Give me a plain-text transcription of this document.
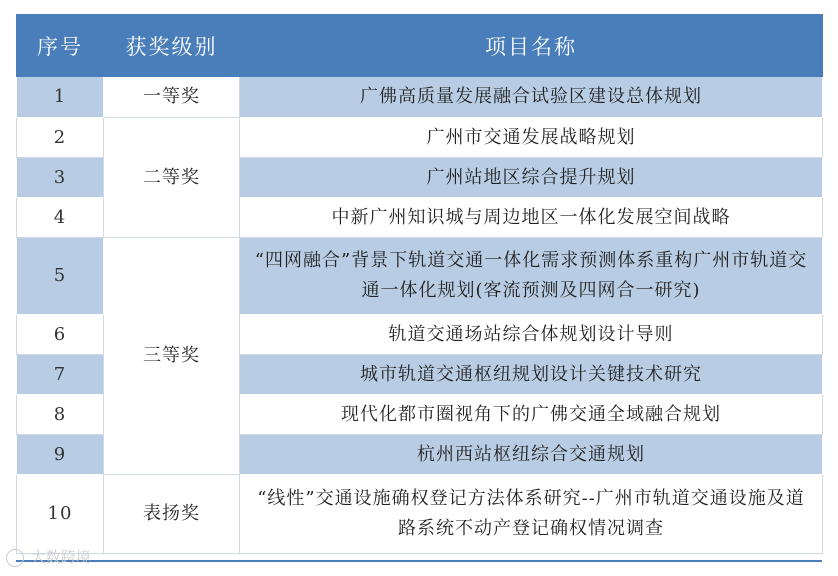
序号	获奖级别	项目名称
1	一等奖	广佛高质量发展融合试验区建设总体规划
2	二等奖	广州市交通发展战略规划
3		广州站地区综合提升规划
4		中新广州知识城与周边地区一体化发展空间战略
5	三等奖	“四网融合”背景下轨道交通一体化需求预测体系重构广州市轨道交通一体化规划(客流预测及四网合一研究)
6		轨道交通场站综合体规划设计导则
7		城市轨道交通枢纽规划设计关键技术研究
8		现代化都市圈视角下的广佛交通全域融合规划
9		杭州西站枢纽综合交通规划
10	表扬奖	“线性”交通设施确权登记方法体系研究--广州市轨道交通设施及道路系统不动产登记确权情况调查
大数跨境
